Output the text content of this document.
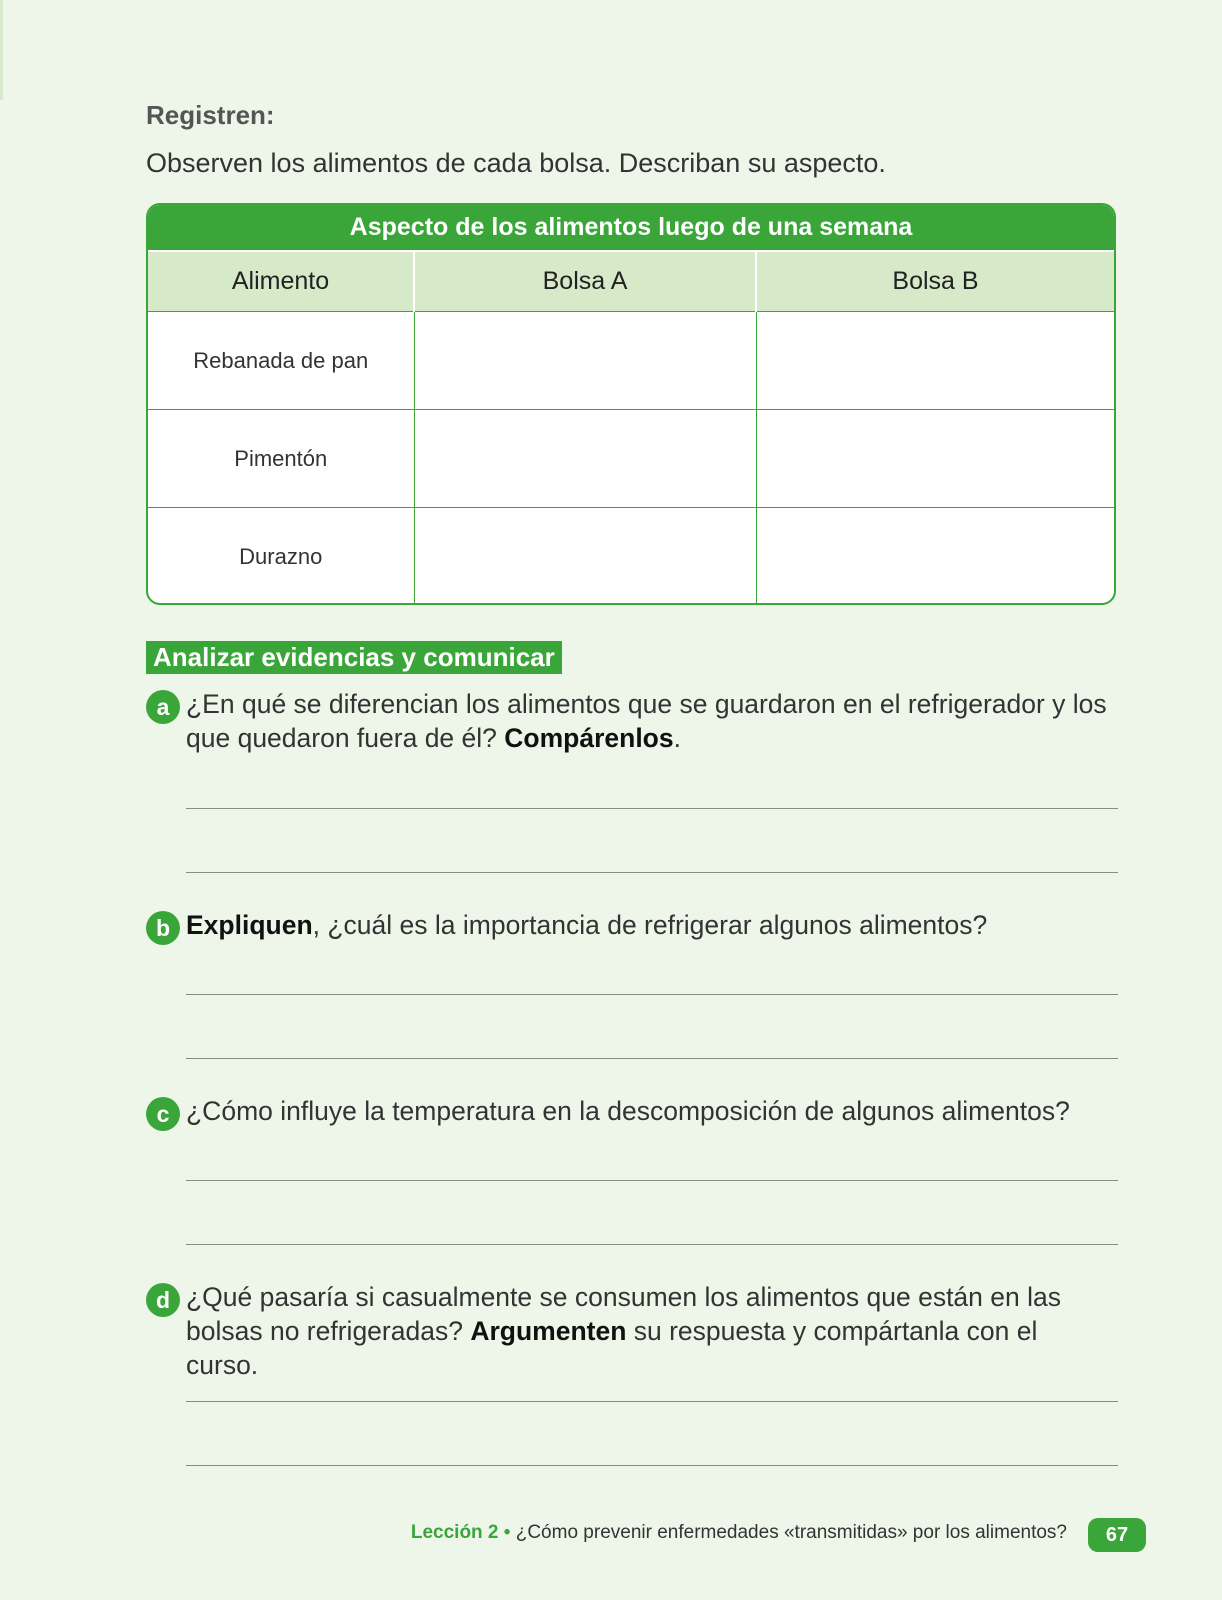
Registren:
Observen los alimentos de cada bolsa. Describan su aspecto.
Aspecto de los alimentos luego de una semana
Alimento	Bolsa A	Bolsa B
Rebanada de pan		
Pimentón		
Durazno		
Analizar evidencias y comunicar
a ¿En qué se diferencian los alimentos que se guardaron en el refrigerador y los que quedaron fuera de él? Compárenlos.
b Expliquen, ¿cuál es la importancia de refrigerar algunos alimentos?
c ¿Cómo influye la temperatura en la descomposición de algunos alimentos?
d ¿Qué pasaría si casualmente se consumen los alimentos que están en las bolsas no refrigeradas? Argumenten su respuesta y compártanla con el curso.
Lección 2 • ¿Cómo prevenir enfermedades «transmitidas» por los alimentos?	67
